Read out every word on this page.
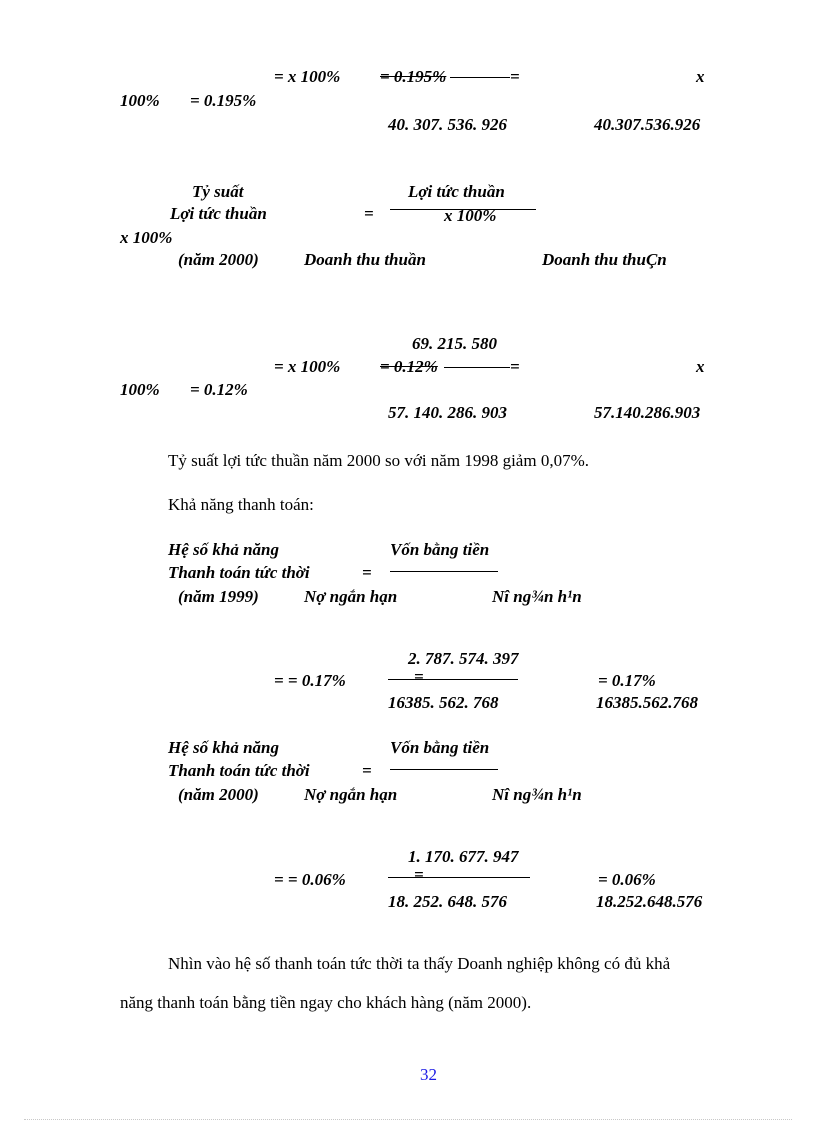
= x 100% = 0.195%	=	x
100% = 0.195%
40. 307. 536. 926	40.307.536.926
Tỷ suất	Lợi tức thuần
Lợi tức thuần	=	x 100%
x 100%
(năm 2000)	Doanh thu thuần	Doanh thu thuÇn
69. 215. 580
= x 100% = 0.12%	=	x
100% = 0.12%
57. 140. 286. 903	57.140.286.903
Tỷ suất lợi tức thuần năm 2000 so với năm 1998 giảm 0,07%.
Khả năng thanh toán:
Hệ số khả năng	Vốn bằng tiền
Thanh toán tức thời	=
(năm 1999)	Nợ ngắn hạn	Nî ng¾n h¹n
2. 787. 574. 397
= = 0.17%	=	= 0.17%
16385. 562. 768	16385.562.768
Hệ số khả năng	Vốn bằng tiền
Thanh toán tức thời	=
(năm 2000)	Nợ ngắn hạn	Nî ng¾n h¹n
1. 170. 677. 947
= = 0.06%	=	= 0.06%
18. 252. 648. 576	18.252.648.576
Nhìn vào hệ số thanh toán tức thời ta thấy Doanh nghiệp không có đủ khả
năng thanh toán bằng tiền ngay cho khách hàng (năm 2000).
32
